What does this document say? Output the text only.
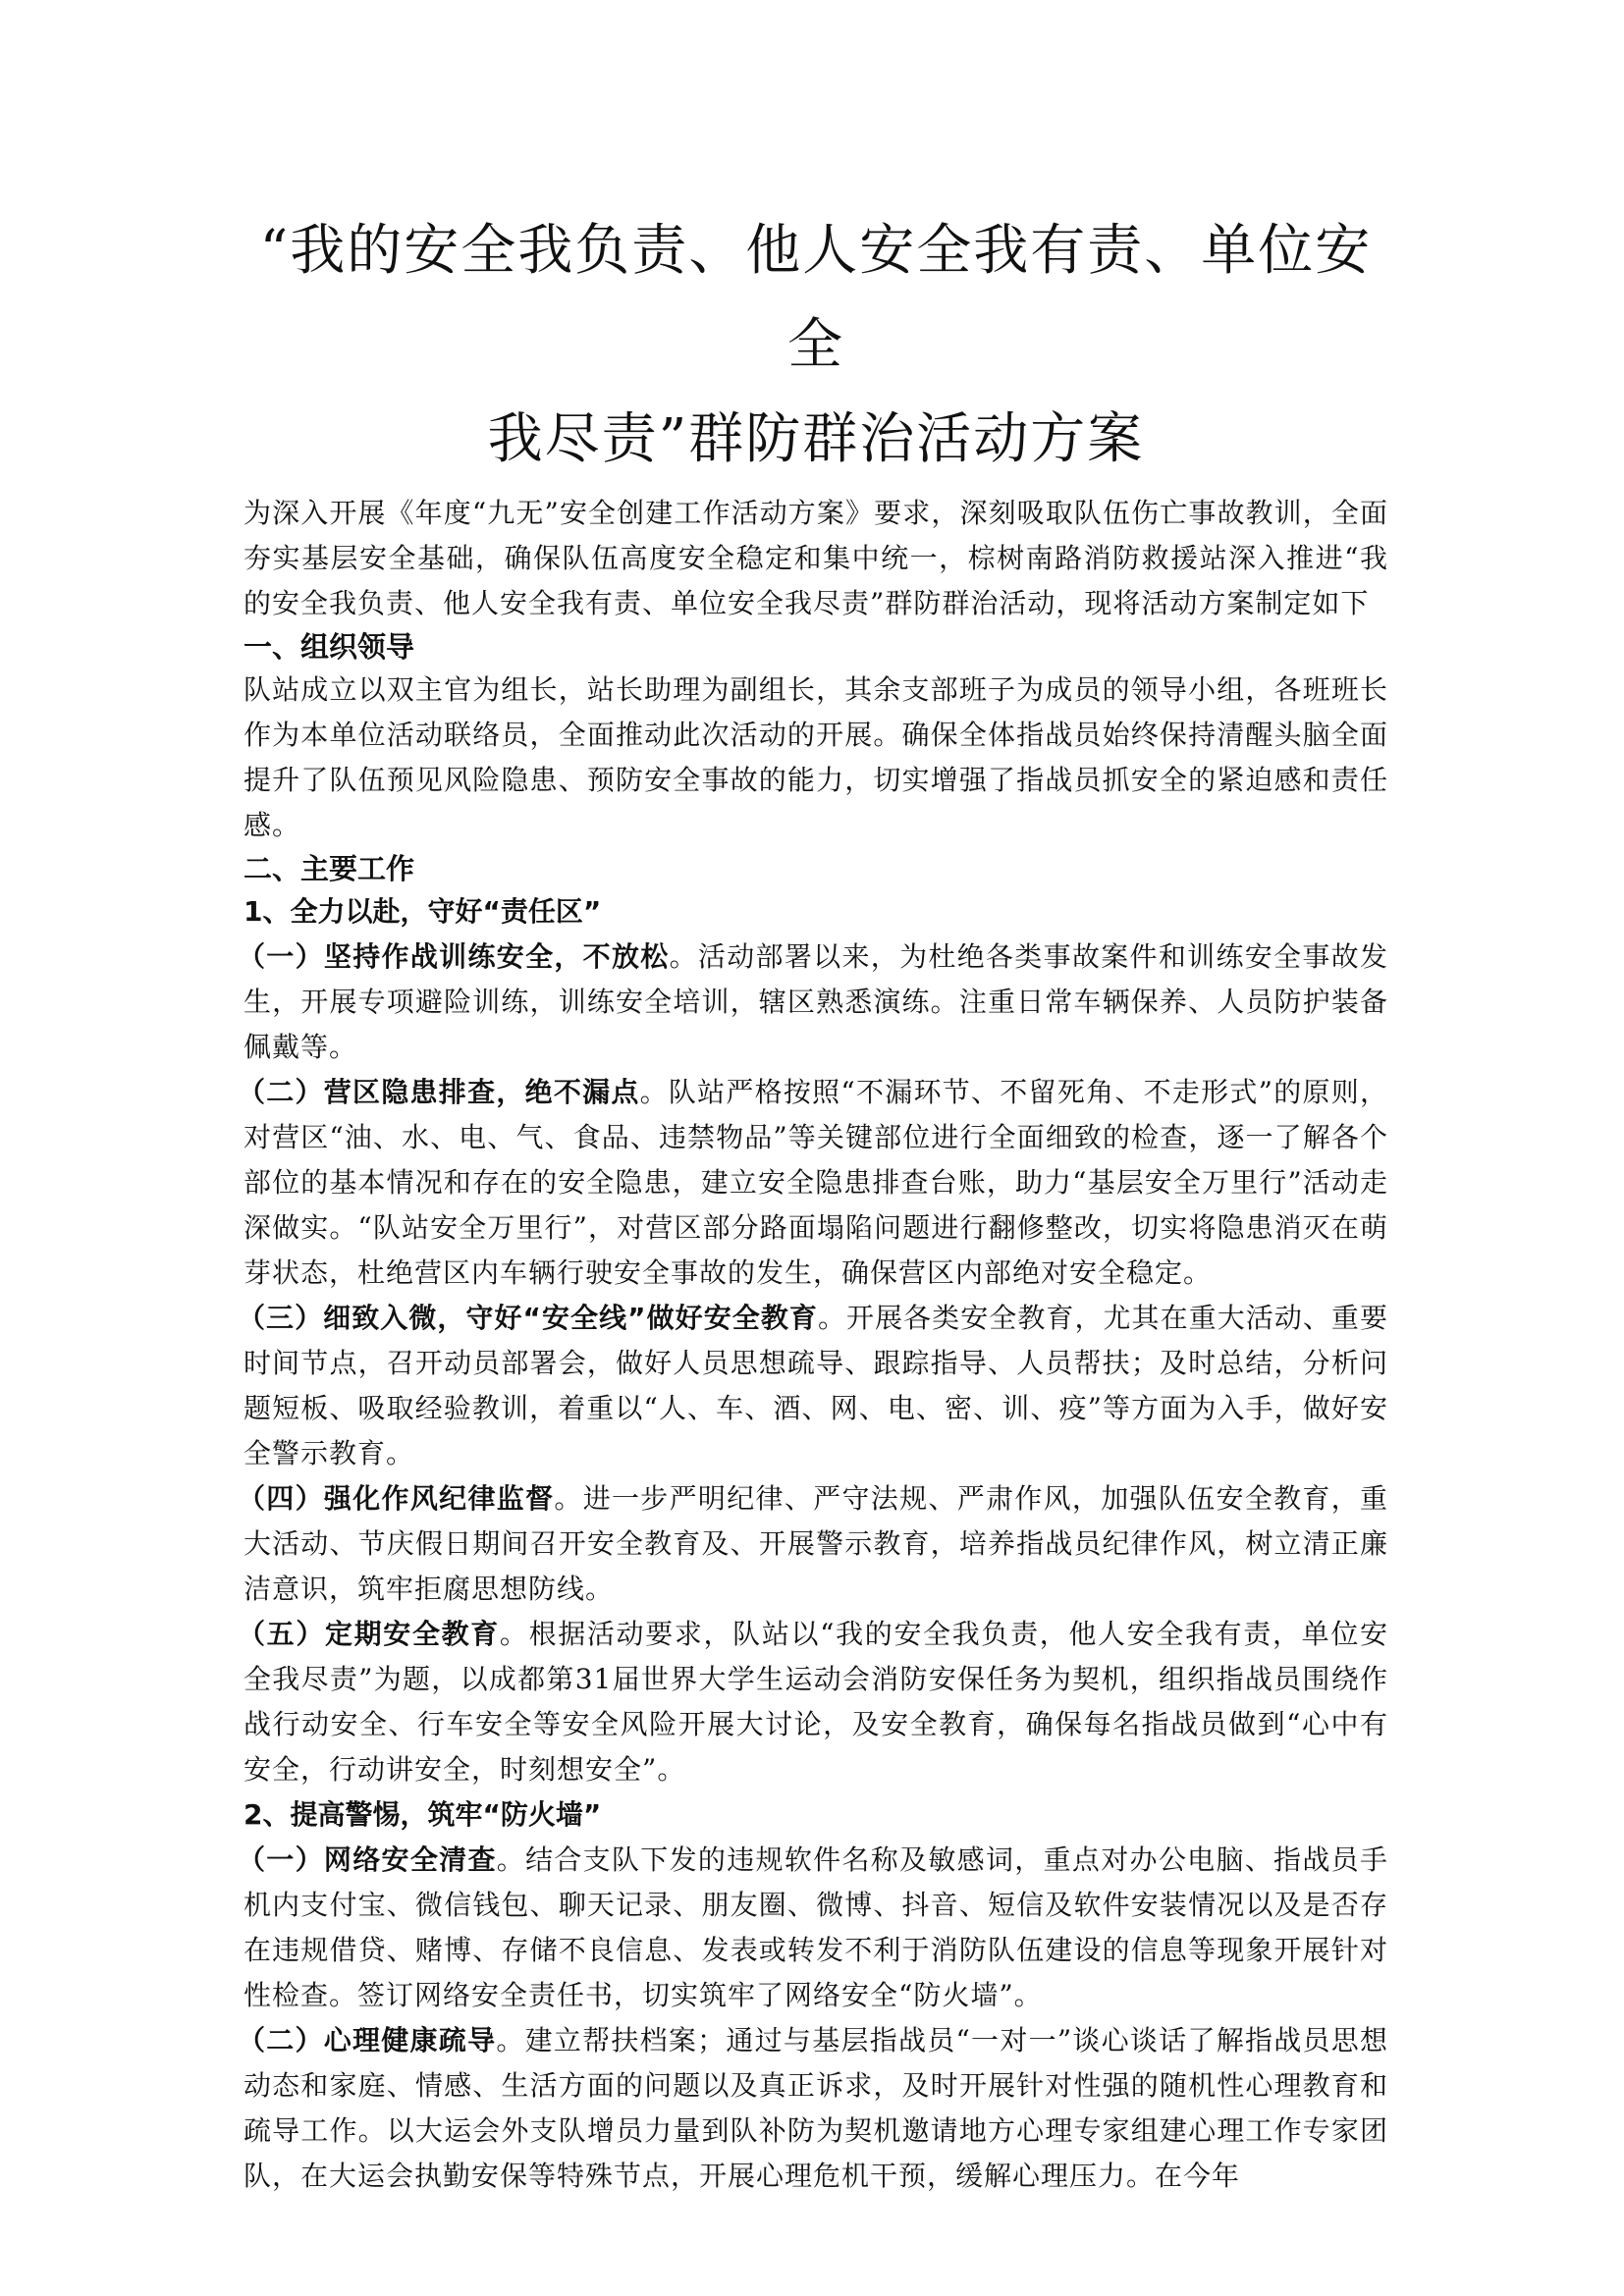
“我的安全我负责、他人安全我有责、单位安全
我尽责”群防群治活动方案

为深入开展《年度“九无”安全创建工作活动方案》要求，深刻吸取队伍伤亡事故教训，全面夯实基层安全基础，确保队伍高度安全稳定和集中统一，棕树南路消防救援站深入推进“我的安全我负责、他人安全我有责、单位安全我尽责”群防群治活动，现将活动方案制定如下

一、组织领导

队站成立以双主官为组长，站长助理为副组长，其余支部班子为成员的领导小组，各班班长作为本单位活动联络员，全面推动此次活动的开展。确保全体指战员始终保持清醒头脑全面提升了队伍预见风险隐患、预防安全事故的能力，切实增强了指战员抓安全的紧迫感和责任感。

二、主要工作
1、全力以赴，守好“责任区”

（一）坚持作战训练安全，不放松。活动部署以来，为杜绝各类事故案件和训练安全事故发生，开展专项避险训练，训练安全培训，辖区熟悉演练。注重日常车辆保养、人员防护装备佩戴等。

（二）营区隐患排查，绝不漏点。队站严格按照“不漏环节、不留死角、不走形式”的原则，对营区“油、水、电、气、食品、违禁物品”等关键部位进行全面细致的检查，逐一了解各个部位的基本情况和存在的安全隐患，建立安全隐患排查台账，助力“基层安全万里行”活动走深做实。“队站安全万里行”，对营区部分路面塌陷问题进行翻修整改，切实将隐患消灭在萌芽状态，杜绝营区内车辆行驶安全事故的发生，确保营区内部绝对安全稳定。

（三）细致入微，守好“安全线”做好安全教育。开展各类安全教育，尤其在重大活动、重要时间节点，召开动员部署会，做好人员思想疏导、跟踪指导、人员帮扶；及时总结，分析问题短板、吸取经验教训，着重以“人、车、酒、网、电、密、训、疫”等方面为入手，做好安全警示教育。

（四）强化作风纪律监督。进一步严明纪律、严守法规、严肃作风，加强队伍安全教育，重大活动、节庆假日期间召开安全教育及、开展警示教育，培养指战员纪律作风，树立清正廉洁意识，筑牢拒腐思想防线。

（五）定期安全教育。根据活动要求，队站以“我的安全我负责，他人安全我有责，单位安全我尽责”为题，以成都第31届世界大学生运动会消防安保任务为契机，组织指战员围绕作战行动安全、行车安全等安全风险开展大讨论，及安全教育，确保每名指战员做到“心中有安全，行动讲安全，时刻想安全”。

2、提高警惕，筑牢“防火墙”

（一）网络安全清查。结合支队下发的违规软件名称及敏感词，重点对办公电脑、指战员手机内支付宝、微信钱包、聊天记录、朋友圈、微博、抖音、短信及软件安装情况以及是否存在违规借贷、赌博、存储不良信息、发表或转发不利于消防队伍建设的信息等现象开展针对性检查。签订网络安全责任书，切实筑牢了网络安全“防火墙”。

（二）心理健康疏导。建立帮扶档案；通过与基层指战员“一对一”谈心谈话了解指战员思想动态和家庭、情感、生活方面的问题以及真正诉求，及时开展针对性强的随机性心理教育和疏导工作。以大运会外支队增员力量到队补防为契机邀请地方心理专家组建心理工作专家团队，在大运会执勤安保等特殊节点，开展心理危机干预，缓解心理压力。在今年
